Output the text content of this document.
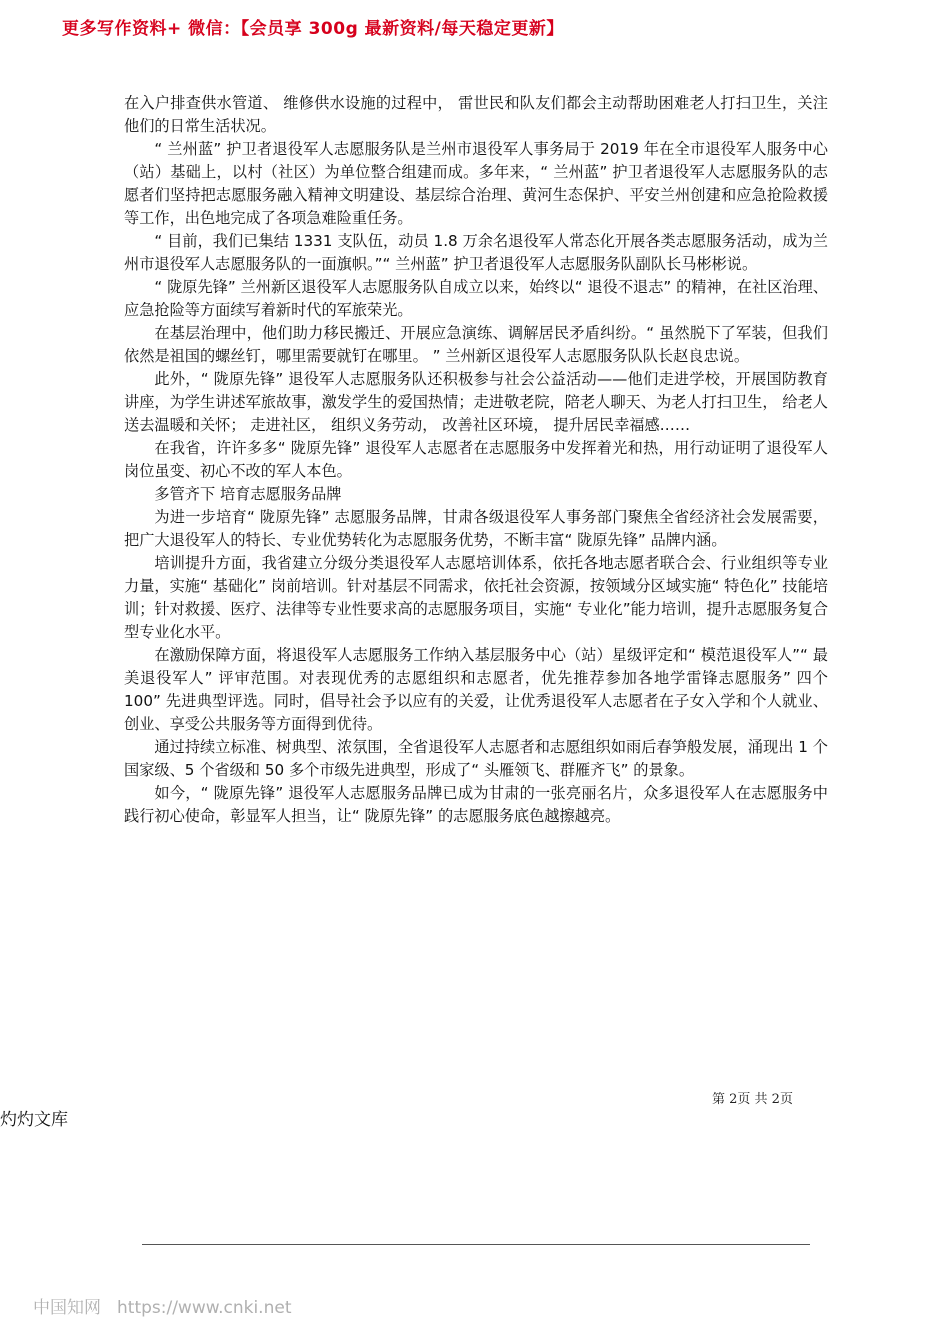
更多写作资料+ 微信：【会员享 300g 最新资料/每天稳定更新】

在入户排查供水管道、 维修供水设施的过程中， 雷世民和队友们都会主动帮助困难老人打扫卫生，关注他们的日常生活状况。

“ 兰州蓝” 护卫者退役军人志愿服务队是兰州市退役军人事务局于 2019 年在全市退役军人服务中心（站）基础上，以村（社区）为单位整合组建而成。多年来，“ 兰州蓝” 护卫者退役军人志愿服务队的志愿者们坚持把志愿服务融入精神文明建设、基层综合治理、黄河生态保护、平安兰州创建和应急抢险救援等工作，出色地完成了各项急难险重任务。

“ 目前，我们已集结 1331 支队伍，动员 1.8 万余名退役军人常态化开展各类志愿服务活动，成为兰州市退役军人志愿服务队的一面旗帜。”“ 兰州蓝” 护卫者退役军人志愿服务队副队长马彬彬说。

“ 陇原先锋” 兰州新区退役军人志愿服务队自成立以来，始终以“ 退役不退志” 的精神，在社区治理、应急抢险等方面续写着新时代的军旅荣光。

在基层治理中，他们助力移民搬迁、开展应急演练、调解居民矛盾纠纷。“ 虽然脱下了军装，但我们依然是祖国的螺丝钉，哪里需要就钉在哪里。 ” 兰州新区退役军人志愿服务队队长赵良忠说。

此外，“ 陇原先锋” 退役军人志愿服务队还积极参与社会公益活动——他们走进学校，开展国防教育讲座，为学生讲述军旅故事，激发学生的爱国热情；走进敬老院，陪老人聊天、为老人打扫卫生， 给老人送去温暖和关怀； 走进社区， 组织义务劳动， 改善社区环境， 提升居民幸福感……

在我省，许许多多“ 陇原先锋” 退役军人志愿者在志愿服务中发挥着光和热，用行动证明了退役军人岗位虽变、初心不改的军人本色。

多管齐下 培育志愿服务品牌

为进一步培育“ 陇原先锋” 志愿服务品牌，甘肃各级退役军人事务部门聚焦全省经济社会发展需要，把广大退役军人的特长、专业优势转化为志愿服务优势，不断丰富“ 陇原先锋” 品牌内涵。

培训提升方面，我省建立分级分类退役军人志愿培训体系，依托各地志愿者联合会、行业组织等专业力量，实施“ 基础化” 岗前培训。针对基层不同需求，依托社会资源，按领域分区域实施“ 特色化” 技能培训；针对救援、医疗、法律等专业性要求高的志愿服务项目，实施“ 专业化”能力培训，提升志愿服务复合型专业化水平。

在激励保障方面，将退役军人志愿服务工作纳入基层服务中心（站）星级评定和“ 模范退役军人”“ 最美退役军人” 评审范围。对表现优秀的志愿组织和志愿者，优先推荐参加各地学雷锋志愿服务” 四个 100” 先进典型评选。同时，倡导社会予以应有的关爱，让优秀退役军人志愿者在子女入学和个人就业、创业、享受公共服务等方面得到优待。

通过持续立标准、树典型、浓氛围，全省退役军人志愿者和志愿组织如雨后春笋般发展，涌现出 1 个国家级、5 个省级和 50 多个市级先进典型，形成了“ 头雁领飞、群雁齐飞” 的景象。

如今，“ 陇原先锋” 退役军人志愿服务品牌已成为甘肃的一张亮丽名片，众多退役军人在志愿服务中践行初心使命，彰显军人担当，让“ 陇原先锋” 的志愿服务底色越擦越亮。

第 2页 共 2页
灼灼文库
中国知网 https://www.cnki.net
